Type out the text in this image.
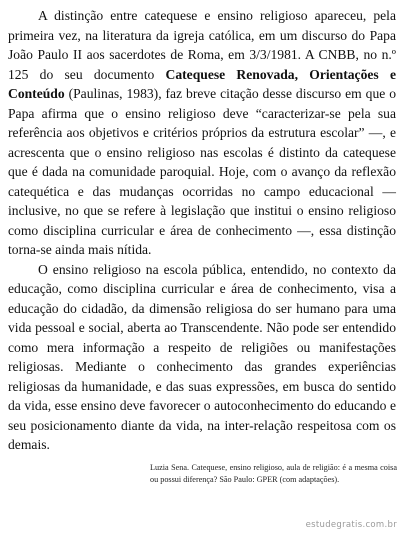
A distinção entre catequese e ensino religioso apareceu, pela primeira vez, na literatura da igreja católica, em um discurso do Papa João Paulo II aos sacerdotes de Roma, em 3/3/1981. A CNBB, no n.º 125 do seu documento Catequese Renovada, Orientações e Conteúdo (Paulinas, 1983), faz breve citação desse discurso em que o Papa afirma que o ensino religioso deve “caracterizar-se pela sua referência aos objetivos e critérios próprios da estrutura escolar” —, e acrescenta que o ensino religioso nas escolas é distinto da catequese que é dada na comunidade paroquial. Hoje, com o avanço da reflexão catequética e das mudanças ocorridas no campo educacional — inclusive, no que se refere à legislação que institui o ensino religioso como disciplina curricular e área de conhecimento —, essa distinção torna-se ainda mais nítida.

O ensino religioso na escola pública, entendido, no contexto da educação, como disciplina curricular e área de conhecimento, visa a educação do cidadão, da dimensão religiosa do ser humano para uma vida pessoal e social, aberta ao Transcendente. Não pode ser entendido como mera informação a respeito de religiões ou manifestações religiosas. Mediante o conhecimento das grandes experiências religiosas da humanidade, e das suas expressões, em busca do sentido da vida, esse ensino deve favorecer o autoconhecimento do educando e seu posicionamento diante da vida, na inter-relação respeitosa com os demais.

Luzia Sena. Catequese, ensino religioso, aula de religião: é a mesma coisa ou possui diferença? São Paulo: GPER (com adaptações).
estudegratis.com.br
